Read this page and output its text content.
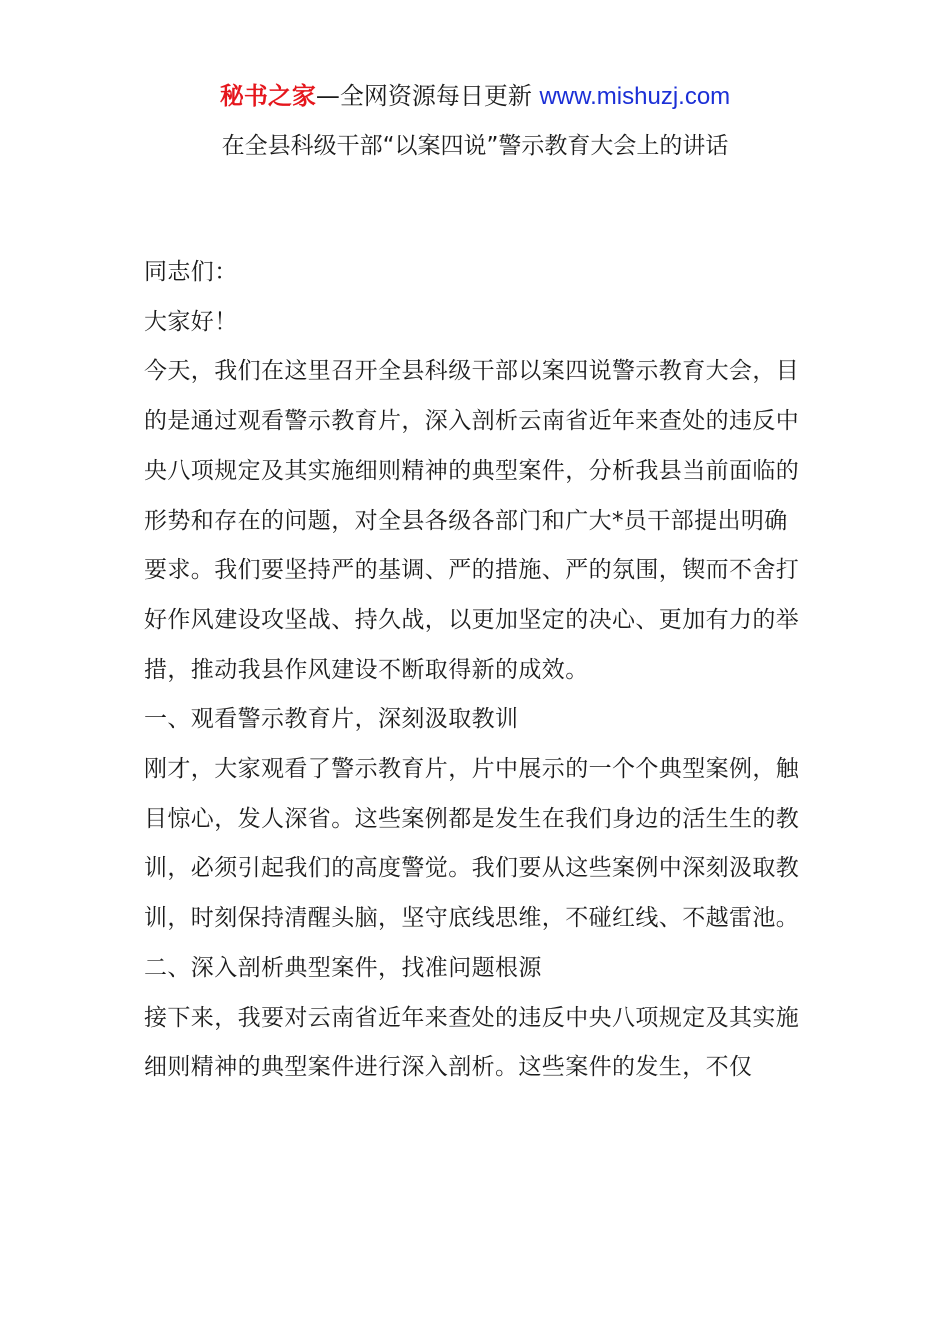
秘书之家—全网资源每日更新 www.mishuzj.com
在全县科级干部“以案四说”警示教育大会上的讲话

同志们：

大家好！

今天，我们在这里召开全县科级干部以案四说警示教育大会，目的是通过观看警示教育片，深入剖析云南省近年来查处的违反中央八项规定及其实施细则精神的典型案件，分析我县当前面临的形势和存在的问题，对全县各级各部门和广大*员干部提出明确要求。我们要坚持严的基调、严的措施、严的氛围，锲而不舍打好作风建设攻坚战、持久战，以更加坚定的决心、更加有力的举措，推动我县作风建设不断取得新的成效。

一、观看警示教育片，深刻汲取教训

刚才，大家观看了警示教育片，片中展示的一个个典型案例，触目惊心，发人深省。这些案例都是发生在我们身边的活生生的教训，必须引起我们的高度警觉。我们要从这些案例中深刻汲取教训，时刻保持清醒头脑，坚守底线思维，不碰红线、不越雷池。

二、深入剖析典型案件，找准问题根源

接下来，我要对云南省近年来查处的违反中央八项规定及其实施细则精神的典型案件进行深入剖析。这些案件的发生，不仅
